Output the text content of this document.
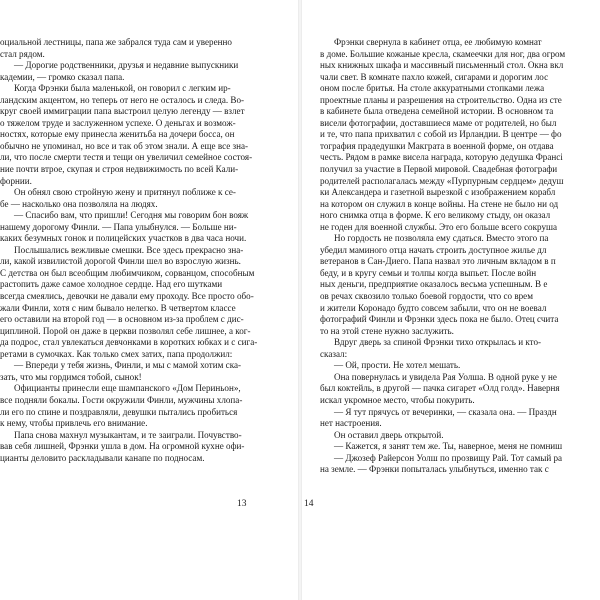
оциальной лестницы, папа же забрался туда сам и уверенно
стал рядом.
— Дорогие родственники, друзья и недавние выпускники
кадемии, — громко сказал папа.
Когда Фрэнки была маленькой, он говорил с легким ир-
ландским акцентом, но теперь от него не осталось и следа. Во-
круг своей иммиграции папа выстроил целую легенду — взлет
о тяжелом труде и заслуженном успехе. О деньгах и возмож-
ностях, которые ему принесла женитьба на дочери босса, он
обычно не упоминал, но все и так об этом знали. А еще все зна-
ли, что после смерти тестя и тещи он увеличил семейное состоя-
ние почти втрое, скупая и строя недвижимость по всей Кали-
форнии.
Он обнял свою стройную жену и притянул поближе к се-
бе — насколько она позволяла на людях.
— Спасибо вам, что пришли! Сегодня мы говорим бон вояж
нашему дорогому Финли. — Папа улыбнулся. — Больше ни-
каких безумных гонок и полицейских участков в два часа ночи.
Послышались вежливые смешки. Все здесь прекрасно зна-
ли, какой извилистой дорогой Финли шел во взрослую жизнь.
С детства он был всеобщим любимчиком, сорванцом, способным
растопить даже самое холодное сердце. Над его шутками
всегда смеялись, девочки не давали ему проходу. Все просто обо-
жали Финли, хотя с ним бывало нелегко. В четвертом классе
его оставили на второй год — в основном из-за проблем с дис-
циплиной. Порой он даже в церкви позволял себе лишнее, а ког-
да подрос, стал увлекаться девчонками в коротких юбках и с сига-
ретами в сумочках. Как только смех затих, папа продолжил:
— Впереди у тебя жизнь, Финли, и мы с мамой хотим ска-
зать, что мы гордимся тобой, сынок!
Официанты принесли еще шампанского «Дом Периньон»,
все подняли бокалы. Гости окружили Финли, мужчины хлопа-
ли его по спине и поздравляли, девушки пытались пробиться
к нему, чтобы привлечь его внимание.
Папа снова махнул музыкантам, и те заиграли. Почувство-
вав себя лишней, Фрэнки ушла в дом. На огромной кухне офи-
цианты деловито раскладывали канапе по подносам.
13
Фрэнки свернула в кабинет отца, ее любимую комнат
в доме. Большие кожаные кресла, скамеечки для ног, два огром
ных книжных шкафа и массивный письменный стол. Окна вкл
чали свет. В комнате пахло кожей, сигарами и дорогим лос
оном после бритья. На столе аккуратными стопками лежа
проектные планы и разрешения на строительство. Одна из сте
в кабинете была отведена семейной истории. В основном та
висели фотографии, доставшиеся маме от родителей, но был
и те, что папа прихватил с собой из Ирландии. В центре — фо
тография прадедушки Макграта в военной форме, он отдава
честь. Рядом в рамке висела награда, которую дедушка Франсі
получил за участие в Первой мировой. Свадебная фотографи
родителей располагалась между «Пурпурным сердцем» дедуш
ки Александера и газетной вырезкой с изображением корабл
на котором он служил в конце войны. На стене не было ни од
ного снимка отца в форме. К его великому стыду, он оказал
не годен для военной службы. Это его больше всего сокруша
Но гордость не позволяла ему сдаться. Вместо этого па
убедил маминого отца начать строить доступное жилье дл
ветеранов в Сан-Диего. Папа назвал это личным вкладом в п
беду, и в кругу семьи и толпы когда выпьет. После войн
ных деньги, предприятие оказалось весьма успешным. В е
ов речах сквозило только боевой гордости, что со врем
и жители Коронадо будто совсем забыли, что он не воевал
фотографий Финли и Фрэнки здесь пока не было. Отец счита
то на этой стене нужно заслужить.
Вдруг дверь за спиной Фрэнки тихо открылась и кто-
сказал:
— Ой, прости. Не хотел мешать.
Она повернулась и увидела Рая Уолша. В одной руке у не
был коктейль, в другой — пачка сигарет «Олд голд». Наверня
искал укромное место, чтобы покурить.
— Я тут прячусь от вечеринки, — сказала она. — Праздн
нет настроения.
Он оставил дверь открытой.
— Кажется, я занят тем же. Ты, наверное, меня не помниш
— Джозеф Райерсон Уолш по прозвищу Рай. Тот самый ра
на земле. — Фрэнки попыталась улыбнуться, именно так с
14
